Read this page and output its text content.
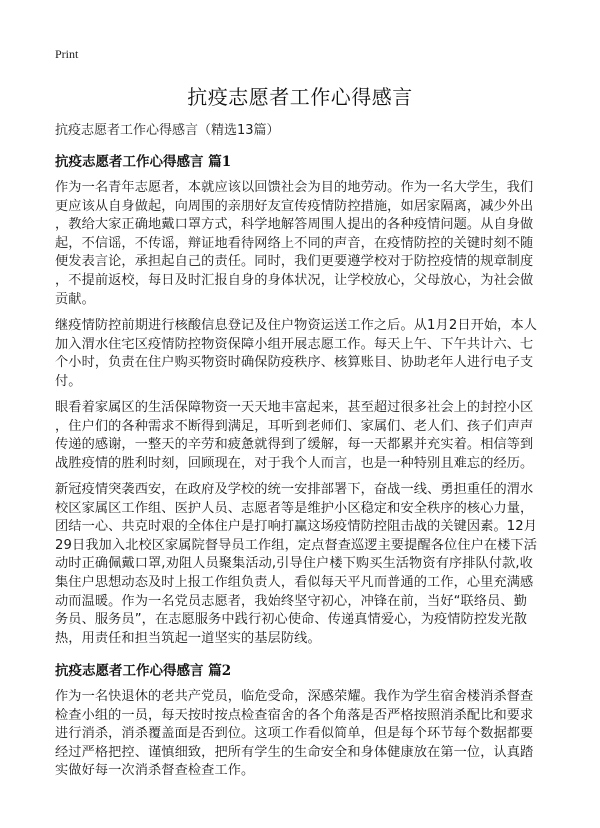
Print
抗疫志愿者工作心得感言
抗疫志愿者工作心得感言（精选13篇）
抗疫志愿者工作心得感言 篇1
作为一名青年志愿者，本就应该以回馈社会为目的地劳动。作为一名大学生，我们
更应该从自身做起，向周围的亲朋好友宣传疫情防控措施，如居家隔离，减少外出
，教给大家正确地戴口罩方式，科学地解答周围人提出的各种疫情问题。从自身做
起，不信谣，不传谣，辩证地看待网络上不同的声音，在疫情防控的关键时刻不随
便发表言论，承担起自己的责任。同时，我们更要遵学校对于防控疫情的规章制度
，不提前返校，每日及时汇报自身的身体状况，让学校放心，父母放心，为社会做
贡献。
继疫情防控前期进行核酸信息登记及住户物资运送工作之后。从1月2日开始，本人
加入渭水住宅区疫情防控物资保障小组开展志愿工作。每天上午、下午共计六、七
个小时，负责在住户购买物资时确保防疫秩序、核算账目、协助老年人进行电子支
付。
眼看着家属区的生活保障物资一天天地丰富起来，甚至超过很多社会上的封控小区
，住户们的各种需求不断得到满足，耳听到老师们、家属们、老人们、孩子们声声
传递的感谢，一整天的辛劳和疲惫就得到了缓解，每一天都累并充实着。相信等到
战胜疫情的胜利时刻，回顾现在，对于我个人而言，也是一种特别且难忘的经历。
新冠疫情突袭西安，在政府及学校的统一安排部署下，奋战一线、勇担重任的渭水
校区家属区工作组、医护人员、志愿者等是维护小区稳定和安全秩序的核心力量，
团结一心、共克时艰的全体住户是打响打赢这场疫情防控阻击战的关键因素。12月
29日我加入北校区家属院督导员工作组，定点督查巡逻主要提醒各位住户在楼下活
动时正确佩戴口罩,劝阻人员聚集活动,引导住户楼下购买生活物资有序排队付款,收
集住户思想动态及时上报工作组负责人，看似每天平凡而普通的工作，心里充满感
动而温暖。作为一名党员志愿者，我始终坚守初心，冲锋在前，当好“联络员、勤
务员、服务员”，在志愿服务中践行初心使命、传递真情爱心，为疫情防控发光散
热，用责任和担当筑起一道坚实的基层防线。
抗疫志愿者工作心得感言 篇2
作为一名快退休的老共产党员，临危受命，深感荣耀。我作为学生宿舍楼消杀督查
检查小组的一员，每天按时按点检查宿舍的各个角落是否严格按照消杀配比和要求
进行消杀，消杀覆盖面是否到位。这项工作看似简单，但是每个环节每个数据都要
经过严格把控、谨慎细致，把所有学生的生命安全和身体健康放在第一位，认真踏
实做好每一次消杀督查检查工作。
